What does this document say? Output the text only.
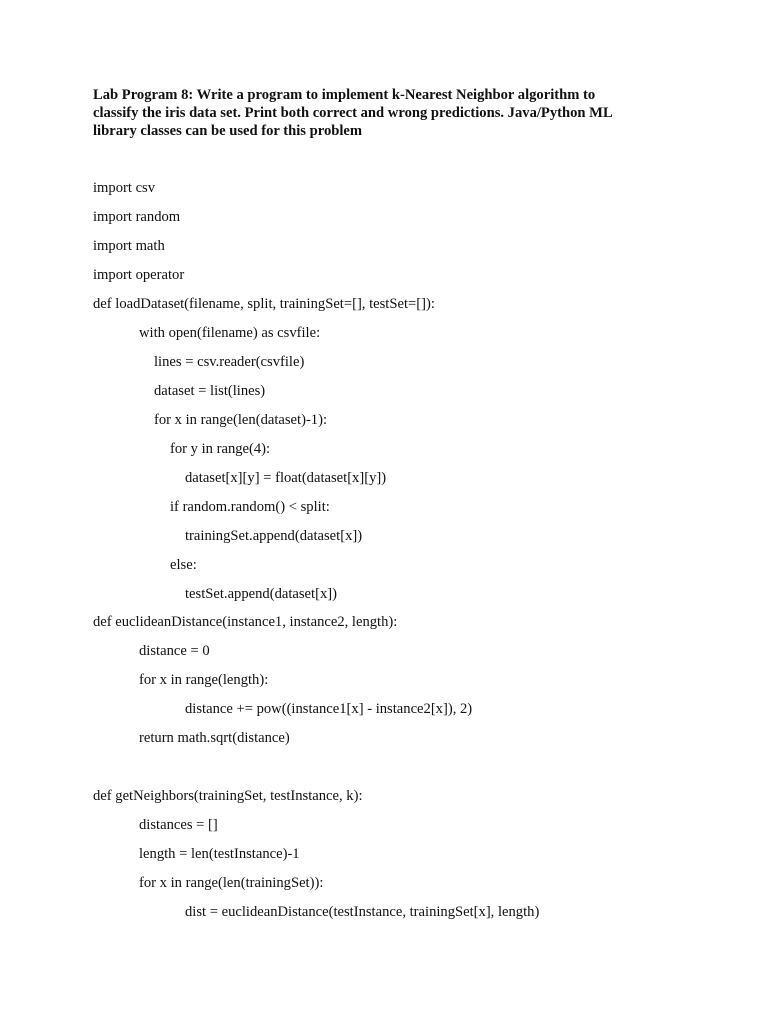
Lab Program 8: Write a program to implement k-Nearest Neighbor algorithm to
classify the iris data set. Print both correct and wrong predictions. Java/Python ML
library classes can be used for this problem
import csv
import random
import math
import operator
def loadDataset(filename, split, trainingSet=[], testSet=[]):
with open(filename) as csvfile:
lines = csv.reader(csvfile)
dataset = list(lines)
for x in range(len(dataset)-1):
for y in range(4):
dataset[x][y] = float(dataset[x][y])
if random.random() < split:
trainingSet.append(dataset[x])
else:
testSet.append(dataset[x])
def euclideanDistance(instance1, instance2, length):
distance = 0
for x in range(length):
distance += pow((instance1[x] - instance2[x]), 2)
return math.sqrt(distance)
def getNeighbors(trainingSet, testInstance, k):
distances = []
length = len(testInstance)-1
for x in range(len(trainingSet)):
dist = euclideanDistance(testInstance, trainingSet[x], length)
